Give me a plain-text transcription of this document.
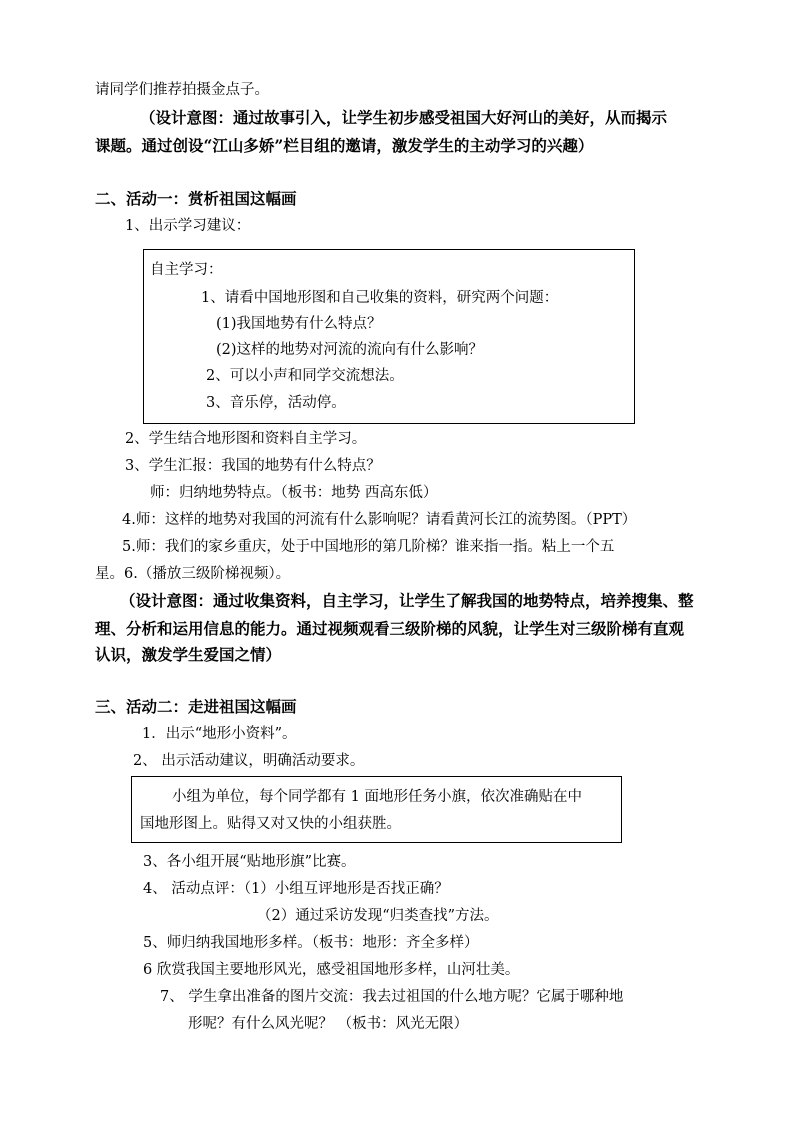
请同学们推荐拍摄金点子。
（设计意图：通过故事引入，让学生初步感受祖国大好河山的美好，从而揭示
课题。通过创设“江山多娇”栏目组的邀请，激发学生的主动学习的兴趣）
二、活动一：赏析祖国这幅画
1、出示学习建议：
自主学习：
1、请看中国地形图和自己收集的资料，研究两个问题：
(1)我国地势有什么特点？
(2)这样的地势对河流的流向有什么影响？
2、可以小声和同学交流想法。
3、音乐停，活动停。
2、学生结合地形图和资料自主学习。
3、学生汇报：我国的地势有什么特点？
师：归纳地势特点。（板书：地势 西高东低）
4.师：这样的地势对我国的河流有什么影响呢？请看黄河长江的流势图。（PPT）
5.师：我们的家乡重庆，处于中国地形的第几阶梯？谁来指一指。粘上一个五
星。6.（播放三级阶梯视频）。
（设计意图：通过收集资料，自主学习，让学生了解我国的地势特点，培养搜集、整
理、分析和运用信息的能力。通过视频观看三级阶梯的风貌，让学生对三级阶梯有直观
认识，激发学生爱国之情）
三、活动二：走进祖国这幅画
1．出示“地形小资料”。
2、 出示活动建议，明确活动要求。
小组为单位，每个同学都有 1 面地形任务小旗，依次准确贴在中
国地形图上。贴得又对又快的小组获胜。
3、各小组开展“贴地形旗”比赛。
4、 活动点评：（1）小组互评地形是否找正确？
（2）通过采访发现“归类查找”方法。
5、师归纳我国地形多样。（板书：地形：齐全多样）
6 欣赏我国主要地形风光，感受祖国地形多样，山河壮美。
7、 学生拿出准备的图片交流：我去过祖国的什么地方呢？它属于哪种地
形呢？有什么风光呢？ （板书：风光无限）
